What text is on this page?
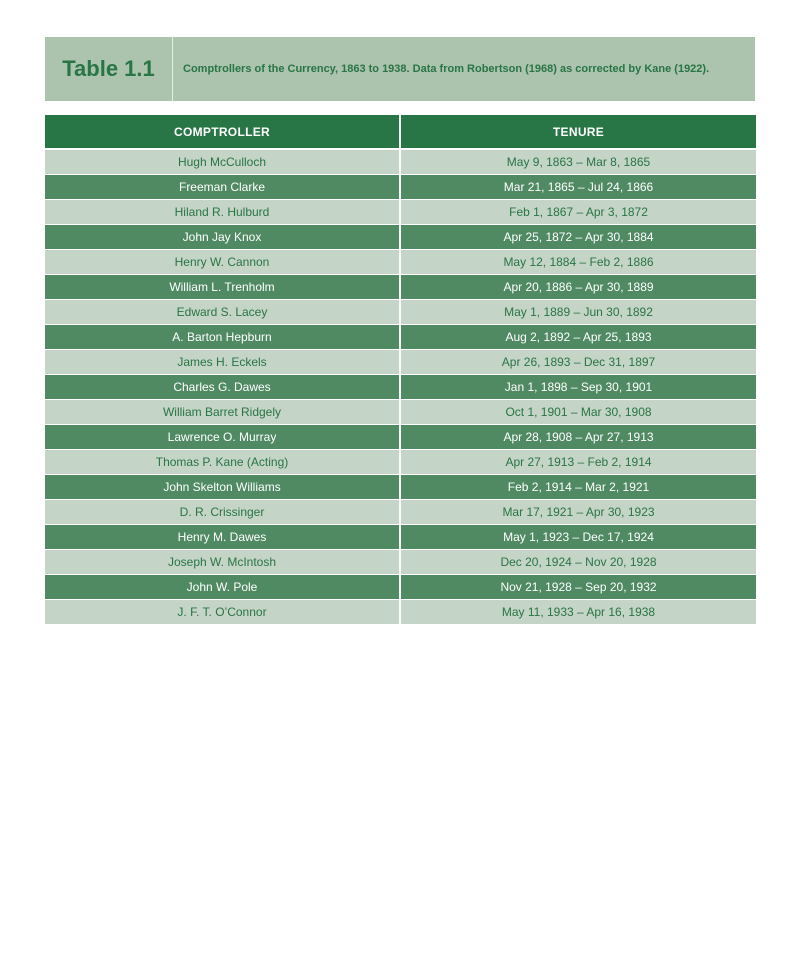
Table 1.1	Comptrollers of the Currency, 1863 to 1938. Data from Robertson (1968) as corrected by Kane (1922).
COMPTROLLER	TENURE
Hugh McCulloch	May 9, 1863 – Mar 8, 1865
Freeman Clarke	Mar 21, 1865 – Jul 24, 1866
Hiland R. Hulburd	Feb 1, 1867 – Apr 3, 1872
John Jay Knox	Apr 25, 1872 – Apr 30, 1884
Henry W. Cannon	May 12, 1884 – Feb 2, 1886
William L. Trenholm	Apr 20, 1886 – Apr 30, 1889
Edward S. Lacey	May 1, 1889 – Jun 30, 1892
A. Barton Hepburn	Aug 2, 1892 – Apr 25, 1893
James H. Eckels	Apr 26, 1893 – Dec 31, 1897
Charles G. Dawes	Jan 1, 1898 – Sep 30, 1901
William Barret Ridgely	Oct 1, 1901 – Mar 30, 1908
Lawrence O. Murray	Apr 28, 1908 – Apr 27, 1913
Thomas P. Kane (Acting)	Apr 27, 1913 – Feb 2, 1914
John Skelton Williams	Feb 2, 1914 – Mar 2, 1921
D. R. Crissinger	Mar 17, 1921 – Apr 30, 1923
Henry M. Dawes	May 1, 1923 – Dec 17, 1924
Joseph W. McIntosh	Dec 20, 1924 – Nov 20, 1928
John W. Pole	Nov 21, 1928 – Sep 20, 1932
J. F. T. O’Connor	May 11, 1933 – Apr 16, 1938
